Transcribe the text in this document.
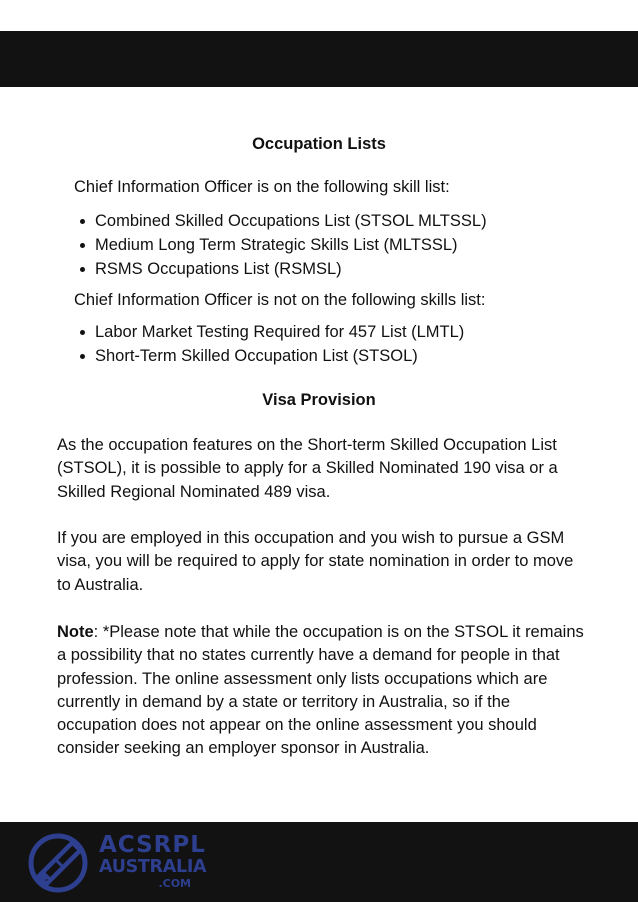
Occupation Lists
Chief Information Officer is on the following skill list:
Combined Skilled Occupations List (STSOL MLTSSL)
Medium Long Term Strategic Skills List (MLTSSL)
RSMS Occupations List (RSMSL)
Chief Information Officer is not on the following skills list:
Labor Market Testing Required for 457 List (LMTL)
Short-Term Skilled Occupation List (STSOL)
Visa Provision

As the occupation features on the Short-term Skilled Occupation List (STSOL), it is possible to apply for a Skilled Nominated 190 visa or a Skilled Regional Nominated 489 visa.

If you are employed in this occupation and you wish to pursue a GSM visa, you will be required to apply for state nomination in order to move to Australia.

Note: *Please note that while the occupation is on the STSOL it remains a possibility that no states currently have a demand for people in that profession. The online assessment only lists occupations which are currently in demand by a state or territory in Australia, so if the occupation does not appear on the online assessment you should consider seeking an employer sponsor in Australia.

ACSRPL
AUSTRALIA
.COM
